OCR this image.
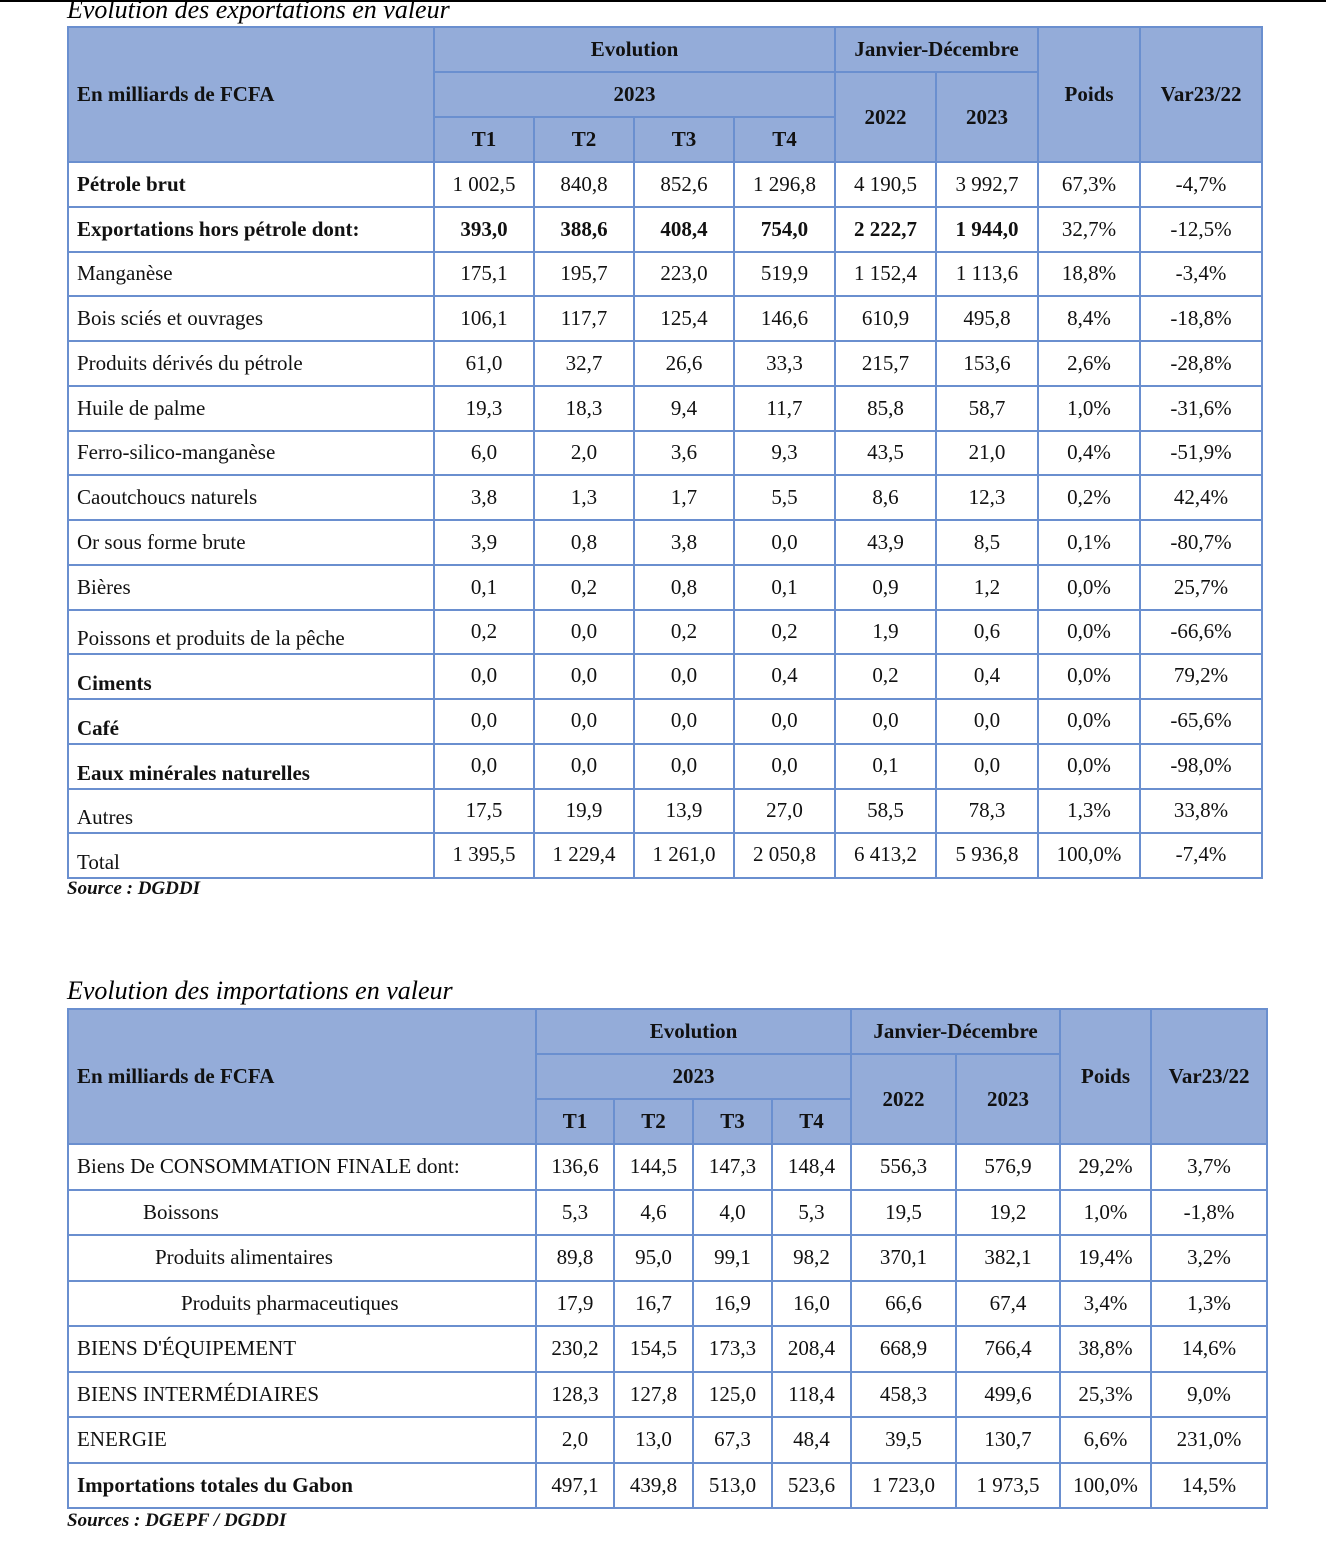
Evolution des exportations en valeur
En milliards de FCFA	Evolution				Janvier-Décembre		Poids	Var23/22
	2023				2022	2023		
	T1	T2	T3	T4				
Pétrole brut	1 002,5	840,8	852,6	1 296,8	4 190,5	3 992,7	67,3%	-4,7%
Exportations hors pétrole dont:	393,0	388,6	408,4	754,0	2 222,7	1 944,0	32,7%	-12,5%
Manganèse	175,1	195,7	223,0	519,9	1 152,4	1 113,6	18,8%	-3,4%
Bois sciés et ouvrages	106,1	117,7	125,4	146,6	610,9	495,8	8,4%	-18,8%
Produits dérivés du pétrole	61,0	32,7	26,6	33,3	215,7	153,6	2,6%	-28,8%
Huile de palme	19,3	18,3	9,4	11,7	85,8	58,7	1,0%	-31,6%
Ferro-silico-manganèse	6,0	2,0	3,6	9,3	43,5	21,0	0,4%	-51,9%
Caoutchoucs naturels	3,8	1,3	1,7	5,5	8,6	12,3	0,2%	42,4%
Or sous forme brute	3,9	0,8	3,8	0,0	43,9	8,5	0,1%	-80,7%
Bières	0,1	0,2	0,8	0,1	0,9	1,2	0,0%	25,7%
Poissons et produits de la pêche	0,2	0,0	0,2	0,2	1,9	0,6	0,0%	-66,6%
Ciments	0,0	0,0	0,0	0,4	0,2	0,4	0,0%	79,2%
Café	0,0	0,0	0,0	0,0	0,0	0,0	0,0%	-65,6%
Eaux minérales naturelles	0,0	0,0	0,0	0,0	0,1	0,0	0,0%	-98,0%
Autres	17,5	19,9	13,9	27,0	58,5	78,3	1,3%	33,8%
Total	1 395,5	1 229,4	1 261,0	2 050,8	6 413,2	5 936,8	100,0%	-7,4%
Source : DGDDI
Evolution des importations en valeur
En milliards de FCFA	Evolution				Janvier-Décembre		Poids	Var23/22
	2023				2022	2023		
	T1	T2	T3	T4				
Biens De CONSOMMATION FINALE dont:	136,6	144,5	147,3	148,4	556,3	576,9	29,2%	3,7%
Boissons	5,3	4,6	4,0	5,3	19,5	19,2	1,0%	-1,8%
Produits alimentaires	89,8	95,0	99,1	98,2	370,1	382,1	19,4%	3,2%
Produits pharmaceutiques	17,9	16,7	16,9	16,0	66,6	67,4	3,4%	1,3%
BIENS D'ÉQUIPEMENT	230,2	154,5	173,3	208,4	668,9	766,4	38,8%	14,6%
BIENS INTERMÉDIAIRES	128,3	127,8	125,0	118,4	458,3	499,6	25,3%	9,0%
ENERGIE	2,0	13,0	67,3	48,4	39,5	130,7	6,6%	231,0%
Importations totales du Gabon	497,1	439,8	513,0	523,6	1 723,0	1 973,5	100,0%	14,5%
Sources : DGEPF / DGDDI
